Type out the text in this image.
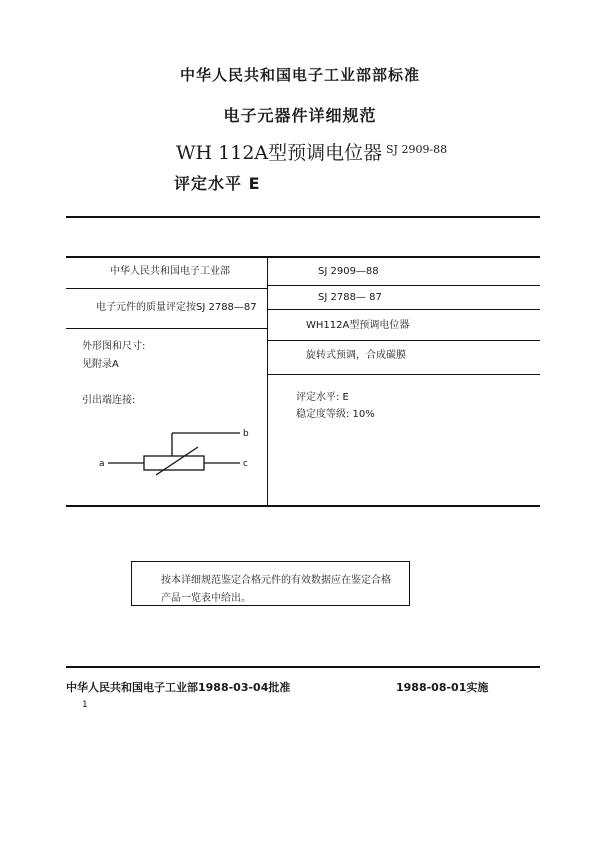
中华人民共和国电子工业部部标准
电子元器件详细规范
WH 112A型预调电位器 SJ 2909-88
评定水平 E
中华人民共和国电子工业部
电子元件的质量评定按SJ 2788—87
外形图和尺寸:
见附录A
引出端连接:
SJ 2909—88
SJ 2788— 87
WH112A型预调电位器
旋转式预调，合成碳膜
评定水平: E
稳定度等级: 10%
a
b
c
按本详细规范鉴定合格元件的有效数据应在鉴定合格
产品一览表中给出。
中华人民共和国电子工业部1988-03-04批准	1988-08-01实施
1
